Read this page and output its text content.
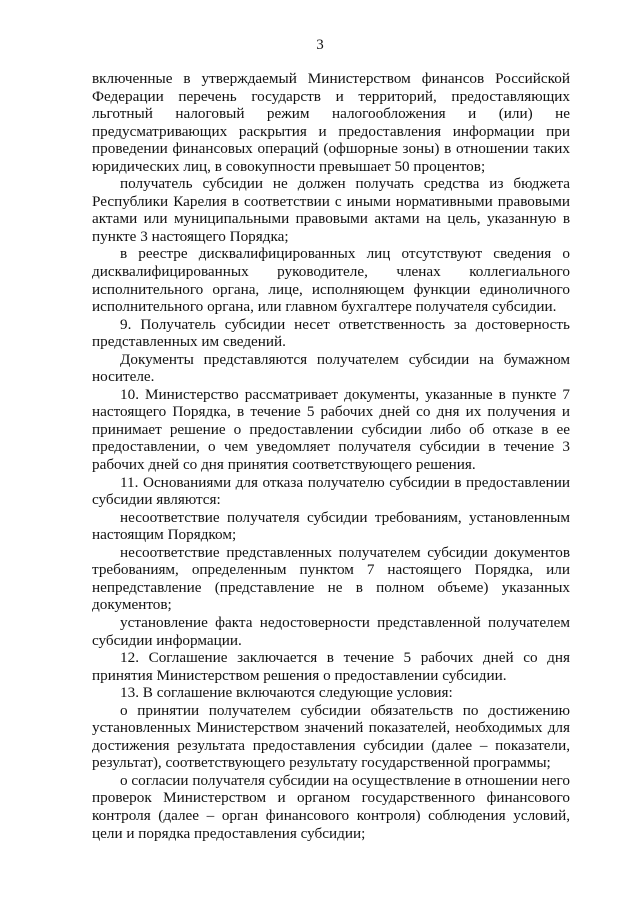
3

включенные в утверждаемый Министерством финансов Российской Федерации перечень государств и территорий, предоставляющих льготный налоговый режим налогообложения и (или) не предусматривающих раскрытия и предоставления информации при проведении финансовых операций (офшорные зоны) в отношении таких юридических лиц, в совокупности превышает 50 процентов;

получатель субсидии не должен получать средства из бюджета Республики Карелия в соответствии с иными нормативными правовыми актами или муниципальными правовыми актами на цель, указанную в пункте 3 настоящего Порядка;

в реестре дисквалифицированных лиц отсутствуют сведения о дисквалифицированных руководителе, членах коллегиального исполнительного органа, лице, исполняющем функции единоличного исполнительного органа, или главном бухгалтере получателя субсидии.

9. Получатель субсидии несет ответственность за достоверность представленных им сведений.

Документы представляются получателем субсидии на бумажном носителе.

10. Министерство рассматривает документы, указанные в пункте 7 настоящего Порядка, в течение 5 рабочих дней со дня их получения и принимает решение о предоставлении субсидии либо об отказе в ее предоставлении, о чем уведомляет получателя субсидии в течение 3 рабочих дней со дня принятия соответствующего решения.

11. Основаниями для отказа получателю субсидии в предоставлении субсидии являются:

несоответствие получателя субсидии требованиям, установленным настоящим Порядком;

несоответствие представленных получателем субсидии документов требованиям, определенным пунктом 7 настоящего Порядка, или непредставление (представление не в полном объеме) указанных документов;

установление факта недостоверности представленной получателем субсидии информации.

12. Соглашение заключается в течение 5 рабочих дней со дня принятия Министерством решения о предоставлении субсидии.

13. В соглашение включаются следующие условия:

о принятии получателем субсидии обязательств по достижению установленных Министерством значений показателей, необходимых для достижения результата предоставления субсидии (далее – показатели, результат), соответствующего результату государственной программы;

о согласии получателя субсидии на осуществление в отношении него проверок Министерством и органом государственного финансового контроля (далее – орган финансового контроля) соблюдения условий, цели и порядка предоставления субсидии;
